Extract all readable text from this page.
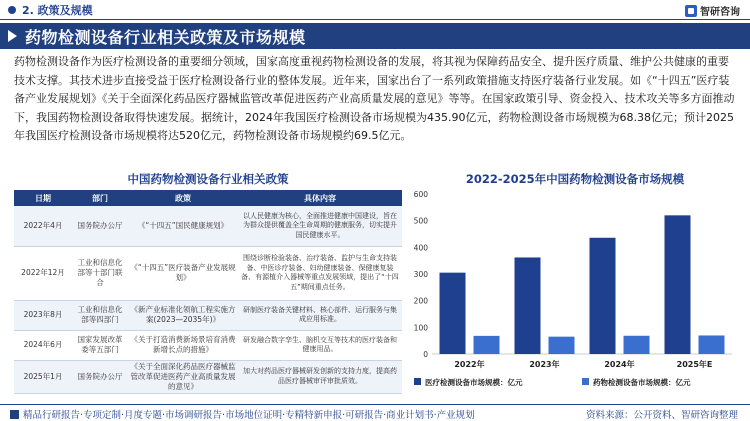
2. 政策及规模	智研咨询
药物检测设备行业相关政策及市场规模
药物检测设备作为医疗检测设备的重要细分领域，国家高度重视药物检测设备的发展，将其视为保障药品安全、提升医疗质量、维护公共健康的重要技术支撑。其技术进步直接受益于医疗检测设备行业的整体发展。近年来，国家出台了一系列政策措施支持医疗装备行业发展。如《“十四五”医疗装备产业发展规划》《关于全面深化药品医疗器械监管改革促进医药产业高质量发展的意见》等等。在国家政策引导、资金投入、技术攻关等多方面推动下，我国药物检测设备取得快速发展。据统计，2024年我国医疗检测设备市场规模为435.90亿元，药物检测设备市场规模为68.38亿元；预计2025年我国医疗检测设备市场规模将达520亿元，药物检测设备市场规模约69.5亿元。
中国药物检测设备行业相关政策
日期	部门	政策	具体内容
2022年4月	国务院办公厅	《“十四五”国民健康规划》	以人民健康为核心，全面推进健康中国建设，旨在为群众提供覆盖全生命周期的健康服务，切实提升国民健康水平。
2022年12月	工业和信息化部等十部门联合	《“十四五”医疗装备产业发展规划》	围绕诊断检验装备、治疗装备、监护与生命支持装备、中医诊疗装备、妇幼健康装备、保健康复装备、有源植介入器械等重点发展领域，提出了“十四五”期间重点任务。
2023年8月	工业和信息化部等四部门	《新产业标准化领航工程实施方案(2023—2035年)》	研制医疗装备关键材料、核心部件、运行服务与集成应用标准。
2024年6月	国家发展改革委等五部门	《关于打造消费新场景培育消费新增长点的措施》	研发融合数字孪生、脑机交互等技术的医疗装备和健康用品。
2025年1月	国务院办公厅	《关于全面深化药品医疗器械监管改革促进医药产业高质量发展的意见》	加大对药品医疗器械研发创新的支持力度，提高药品医疗器械审评审批质效。
2022-2025年中国药物检测设备市场规模
0
100
200
300
400
500
600
2022年	2023年	2024年	2025年E
医疗检测设备市场规模：亿元	药物检测设备市场规模：亿元
精品行研报告·专项定制·月度专题·市场调研报告·市场地位证明·专精特新申报·可研报告·商业计划书·产业规划	资料来源：公开资料、智研咨询整理
